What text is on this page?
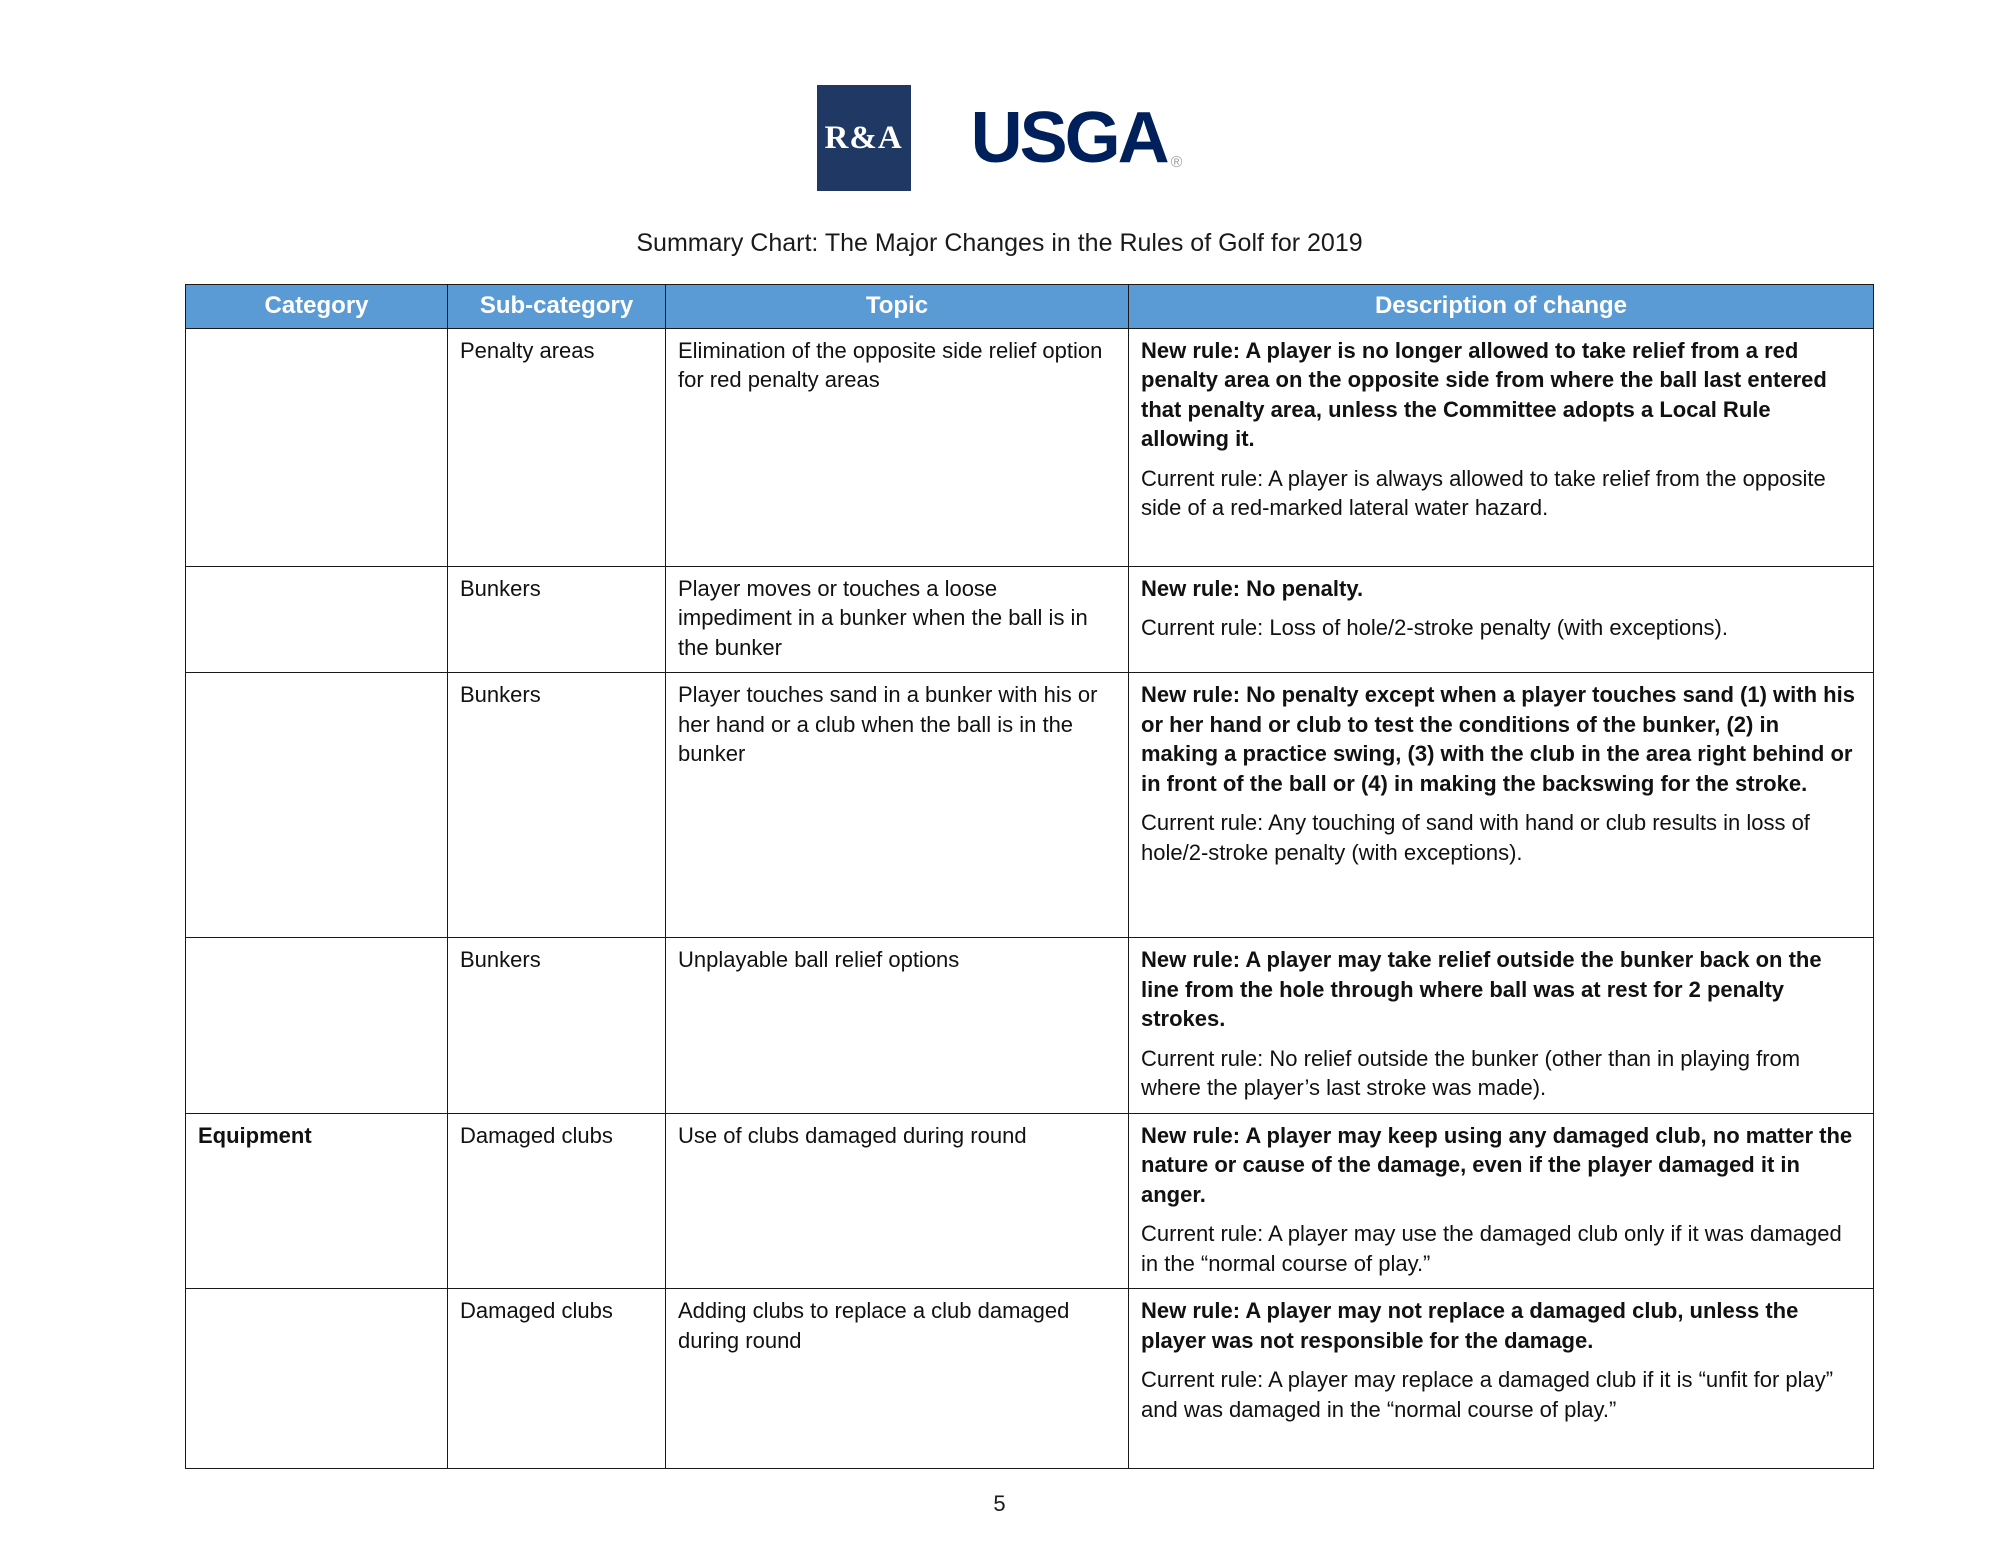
R&A USGA ®
Summary Chart: The Major Changes in the Rules of Golf for 2019
Category	Sub-category	Topic	Description of change
	Penalty areas	Elimination of the opposite side relief option for red penalty areas	New rule: A player is no longer allowed to take relief from a red penalty area on the opposite side from where the ball last entered that penalty area, unless the Committee adopts a Local Rule allowing it.

Current rule: A player is always allowed to take relief from the opposite side of a red-marked lateral water hazard.

	Bunkers	Player moves or touches a loose impediment in a bunker when the ball is in the bunker	New rule: No penalty.

Current rule: Loss of hole/2-stroke penalty (with exceptions).

	Bunkers	Player touches sand in a bunker with his or her hand or a club when the ball is in the bunker	New rule: No penalty except when a player touches sand (1) with his or her hand or club to test the conditions of the bunker, (2) in making a practice swing, (3) with the club in the area right behind or in front of the ball or (4) in making the backswing for the stroke.

Current rule: Any touching of sand with hand or club results in loss of hole/2-stroke penalty (with exceptions).

	Bunkers	Unplayable ball relief options	New rule: A player may take relief outside the bunker back on the line from the hole through where ball was at rest for 2 penalty strokes.

Current rule: No relief outside the bunker (other than in playing from where the player’s last stroke was made).

Equipment	Damaged clubs	Use of clubs damaged during round	New rule: A player may keep using any damaged club, no matter the nature or cause of the damage, even if the player damaged it in anger.

Current rule: A player may use the damaged club only if it was damaged in the “normal course of play.”

	Damaged clubs	Adding clubs to replace a club damaged during round	New rule: A player may not replace a damaged club, unless the player was not responsible for the damage.

Current rule: A player may replace a damaged club if it is “unfit for play” and was damaged in the “normal course of play.”

5
